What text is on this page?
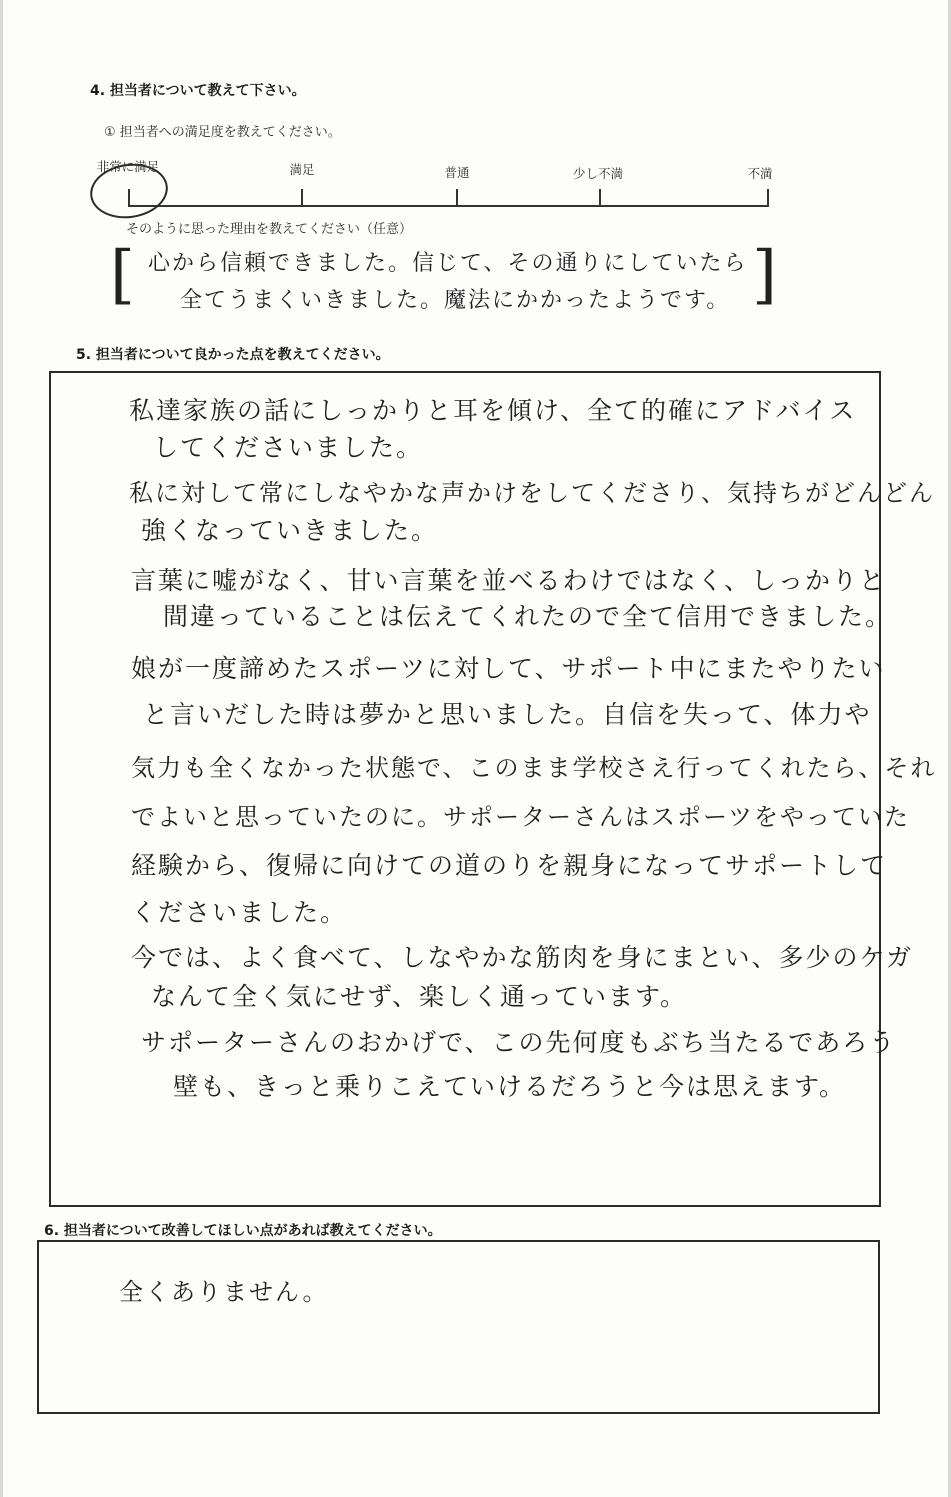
4. 担当者について教えて下さい。
① 担当者への満足度を教えてください。
非常に満足	満足	普通	少し不満	不満
そのように思った理由を教えてください（任意）
[	]
心から信頼できました。信じて、その通りにしていたら
全てうまくいきました。魔法にかかったようです。
5. 担当者について良かった点を教えてください。
私達家族の話にしっかりと耳を傾け、全て的確にアドバイス
してくださいました。
私に対して常にしなやかな声かけをしてくださり、気持ちがどんどん
強くなっていきました。
言葉に嘘がなく、甘い言葉を並べるわけではなく、しっかりと
間違っていることは伝えてくれたので全て信用できました。
娘が一度諦めたスポーツに対して、サポート中にまたやりたい
と言いだした時は夢かと思いました。自信を失って、体力や
気力も全くなかった状態で、このまま学校さえ行ってくれたら、それ
でよいと思っていたのに。サポーターさんはスポーツをやっていた
経験から、復帰に向けての道のりを親身になってサポートして
くださいました。
今では、よく食べて、しなやかな筋肉を身にまとい、多少のケガ
なんて全く気にせず、楽しく通っています。
サポーターさんのおかげで、この先何度もぶち当たるであろう
壁も、きっと乗りこえていけるだろうと今は思えます。
6. 担当者について改善してほしい点があれば教えてください。
全くありません。
